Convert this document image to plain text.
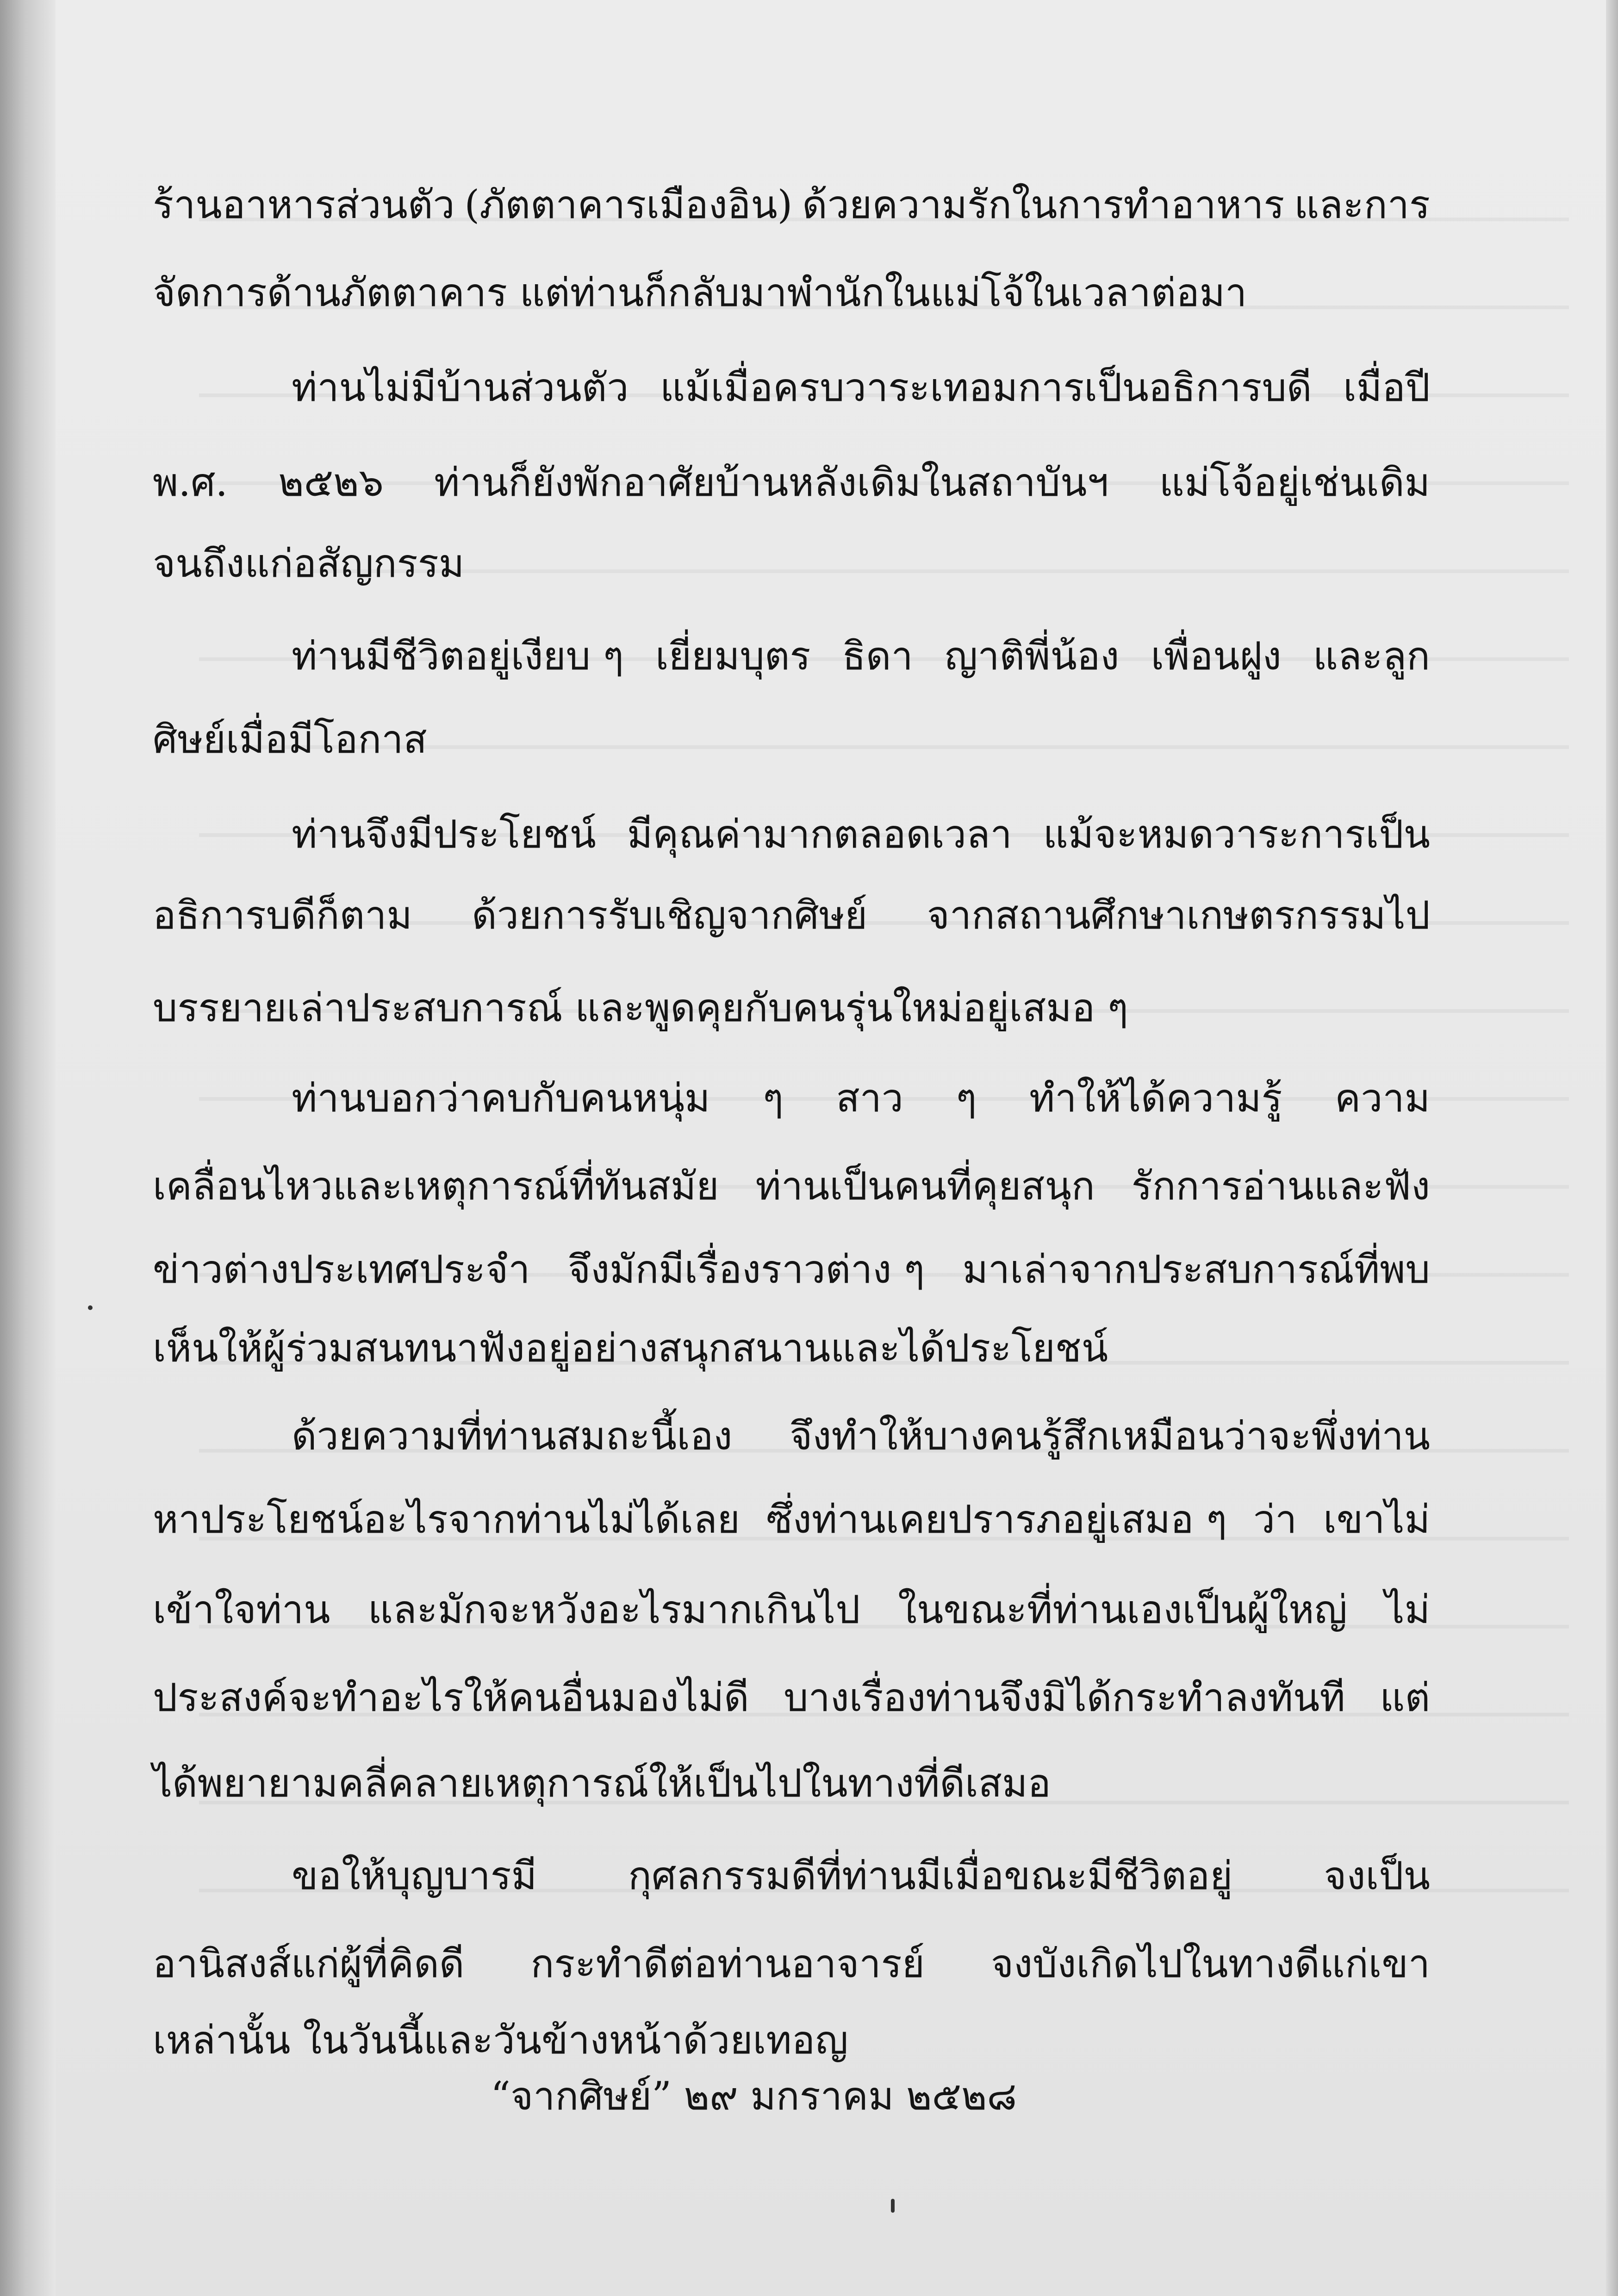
ร้านอาหารส่วนตัว (ภัตตาคารเมืองอิน) ด้วยความรักในการทำอาหาร และการ
จัดการด้านภัตตาคาร แต่ท่านก็กลับมาพำนักในแม่โจ้ในเวลาต่อมา
ท่านไม่มีบ้านส่วนตัว แม้เมื่อครบวาระเทอมการเป็นอธิการบดี เมื่อปี
พ.ศ. ๒๕๒๖ ท่านก็ยังพักอาศัยบ้านหลังเดิมในสถาบันฯ แม่โจ้อยู่เช่นเดิม
จนถึงแก่อสัญกรรม
ท่านมีชีวิตอยู่เงียบ ๆ เยี่ยมบุตร ธิดา ญาติพี่น้อง เพื่อนฝูง และลูก
ศิษย์เมื่อมีโอกาส
ท่านจึงมีประโยชน์ มีคุณค่ามากตลอดเวลา แม้จะหมดวาระการเป็น
อธิการบดีก็ตาม ด้วยการรับเชิญจากศิษย์ จากสถานศึกษาเกษตรกรรมไป
บรรยายเล่าประสบการณ์ และพูดคุยกับคนรุ่นใหม่อยู่เสมอ ๆ
ท่านบอกว่าคบกับคนหนุ่ม ๆ สาว ๆ ทำให้ได้ความรู้ ความ
เคลื่อนไหวและเหตุการณ์ที่ทันสมัย ท่านเป็นคนที่คุยสนุก รักการอ่านและฟัง
ข่าวต่างประเทศประจำ จึงมักมีเรื่องราวต่าง ๆ มาเล่าจากประสบการณ์ที่พบ
เห็นให้ผู้ร่วมสนทนาฟังอยู่อย่างสนุกสนานและได้ประโยชน์
ด้วยความที่ท่านสมถะนี้เอง จึงทำให้บางคนรู้สึกเหมือนว่าจะพึ่งท่าน
หาประโยชน์อะไรจากท่านไม่ได้เลย ซึ่งท่านเคยปรารภอยู่เสมอ ๆ ว่า เขาไม่
เข้าใจท่าน และมักจะหวังอะไรมากเกินไป ในขณะที่ท่านเองเป็นผู้ใหญ่ ไม่
ประสงค์จะทำอะไรให้คนอื่นมองไม่ดี บางเรื่องท่านจึงมิได้กระทำลงทันที แต่
ได้พยายามคลี่คลายเหตุการณ์ให้เป็นไปในทางที่ดีเสมอ
ขอให้บุญบารมี กุศลกรรมดีที่ท่านมีเมื่อขณะมีชีวิตอยู่ จงเป็น
อานิสงส์แก่ผู้ที่คิดดี กระทำดีต่อท่านอาจารย์ จงบังเกิดไปในทางดีแก่เขา
เหล่านั้น ในวันนี้และวันข้างหน้าด้วยเทอญ
“จากศิษย์” ๒๙ มกราคม ๒๕๒๘
